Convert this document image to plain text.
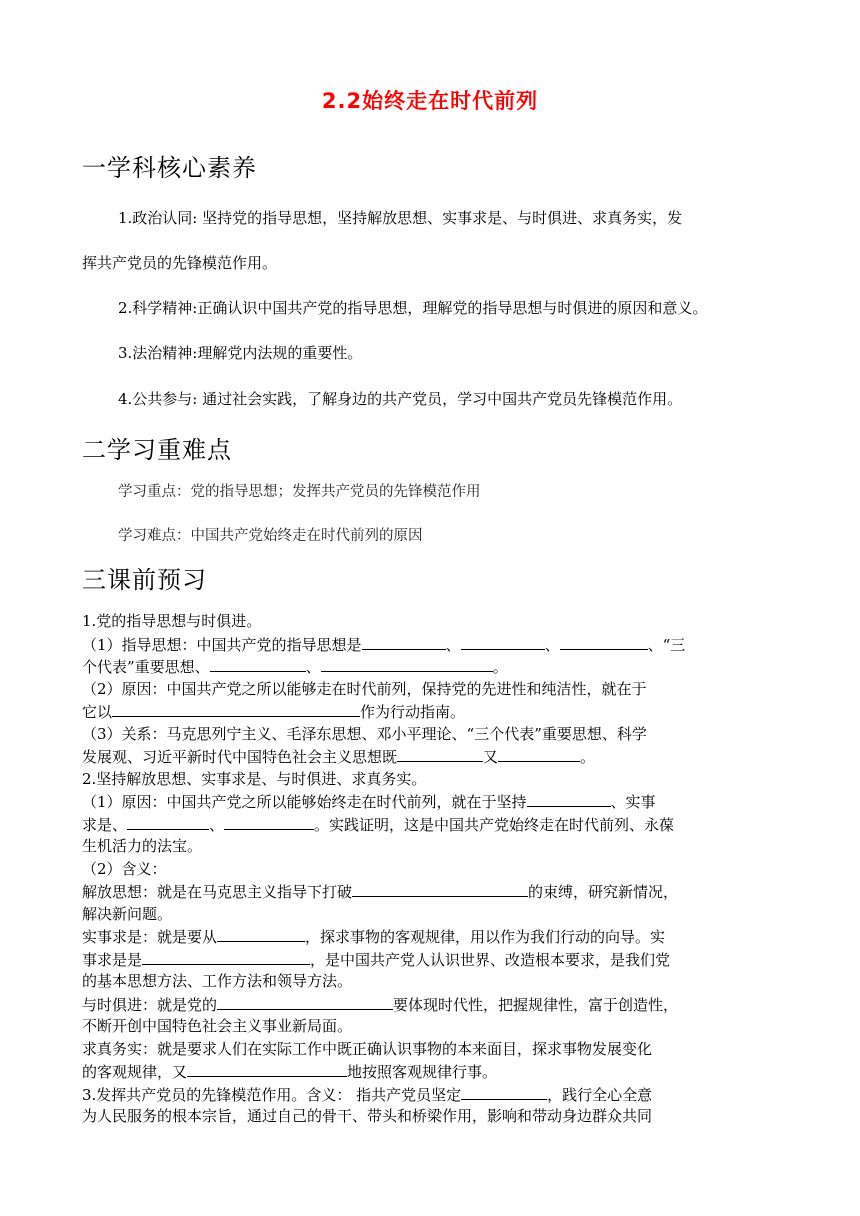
2.2始终走在时代前列
一学科核心素养
1.政治认同: 坚持党的指导思想，坚持解放思想、实事求是、与时俱进、求真务实，发
挥共产党员的先锋模范作用。
2.科学精神:正确认识中国共产党的指导思想，理解党的指导思想与时俱进的原因和意义。
3.法治精神:理解党内法规的重要性。
4.公共参与: 通过社会实践，了解身边的共产党员，学习中国共产党员先锋模范作用。
二学习重难点
学习重点：党的指导思想；发挥共产党员的先锋模范作用
学习难点：中国共产党始终走在时代前列的原因
三课前预习
1.党的指导思想与时俱进。
（1）指导思想：中国共产党的指导思想是	、	、	、“三
个代表”重要思想、	、	。
（2）原因：中国共产党之所以能够走在时代前列，保持党的先进性和纯洁性，就在于
它以	作为行动指南。
（3）关系：马克思列宁主义、毛泽东思想、邓小平理论、“三个代表”重要思想、科学
发展观、习近平新时代中国特色社会主义思想既	又	。
2.坚持解放思想、实事求是、与时俱进、求真务实。
（1）原因：中国共产党之所以能够始终走在时代前列，就在于坚持	、实事
求是、	、	。实践证明，这是中国共产党始终走在时代前列、永葆
生机活力的法宝。
（2）含义：
解放思想：就是在马克思主义指导下打破	的束缚，研究新情况，
解决新问题。
实事求是：就是要从	，探求事物的客观规律，用以作为我们行动的向导。实
事求是是	，是中国共产党人认识世界、改造根本要求，是我们党
的基本思想方法、工作方法和领导方法。
与时俱进：就是党的	要体现时代性，把握规律性，富于创造性，
不断开创中国特色社会主义事业新局面。
求真务实：就是要求人们在实际工作中既正确认识事物的本来面目，探求事物发展变化
的客观规律，又	地按照客观规律行事。
3.发挥共产党员的先锋模范作用。含义： 指共产党员坚定	，践行全心全意
为人民服务的根本宗旨，通过自己的骨干、带头和桥梁作用，影响和带动身边群众共同
